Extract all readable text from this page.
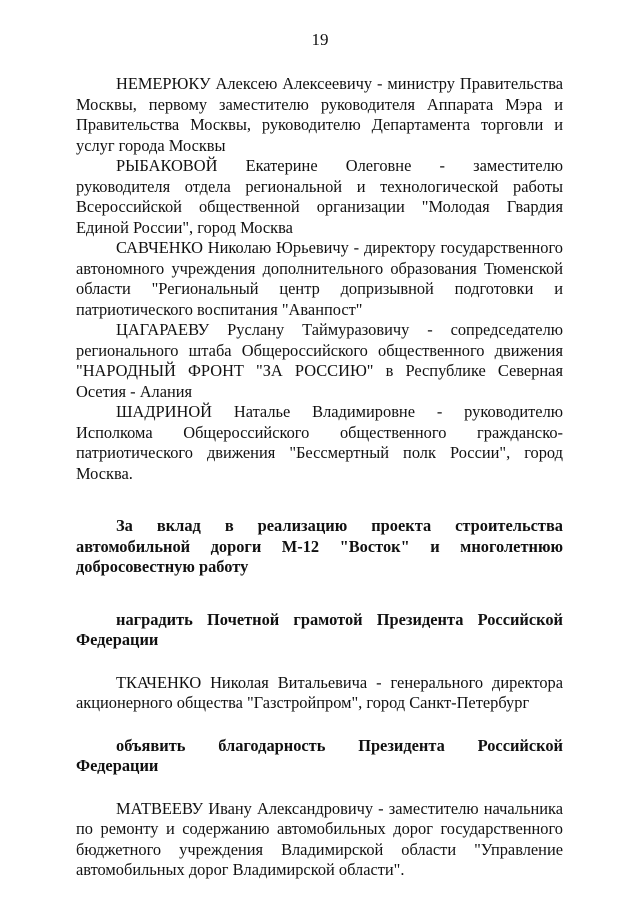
19

НЕМЕРЮКУ Алексею Алексеевичу - министру Правительства Москвы, первому заместителю руководителя Аппарата Мэра и Правительства Москвы, руководителю Департамента торговли и услуг города Москвы

РЫБАКОВОЙ Екатерине Олеговне - заместителю руководителя отдела региональной и технологической работы Всероссийской общественной организации "Молодая Гвардия Единой России", город Москва

САВЧЕНКО Николаю Юрьевичу - директору государственного автономного учреждения дополнительного образования Тюменской области "Региональный центр допризывной подготовки и патриотического воспитания "Аванпост"

ЦАГАРАЕВУ Руслану Таймуразовичу - сопредседателю регионального штаба Общероссийского общественного движения "НАРОДНЫЙ ФРОНТ "ЗА РОССИЮ" в Республике Северная Осетия - Алания

ШАДРИНОЙ Наталье Владимировне - руководителю Исполкома Общероссийского общественного гражданско-патриотического движения "Бессмертный полк России", город Москва.

За вклад в реализацию проекта строительства автомобильной дороги М-12 "Восток" и многолетнюю добросовестную работу

наградить Почетной грамотой Президента Российской Федерации

ТКАЧЕНКО Николая Витальевича - генерального директора акционерного общества "Газстройпром", город Санкт-Петербург

объявить благодарность Президента Российской Федерации

МАТВЕЕВУ Ивану Александровичу - заместителю начальника по ремонту и содержанию автомобильных дорог государственного бюджетного учреждения Владимирской области "Управление автомобильных дорог Владимирской области".
